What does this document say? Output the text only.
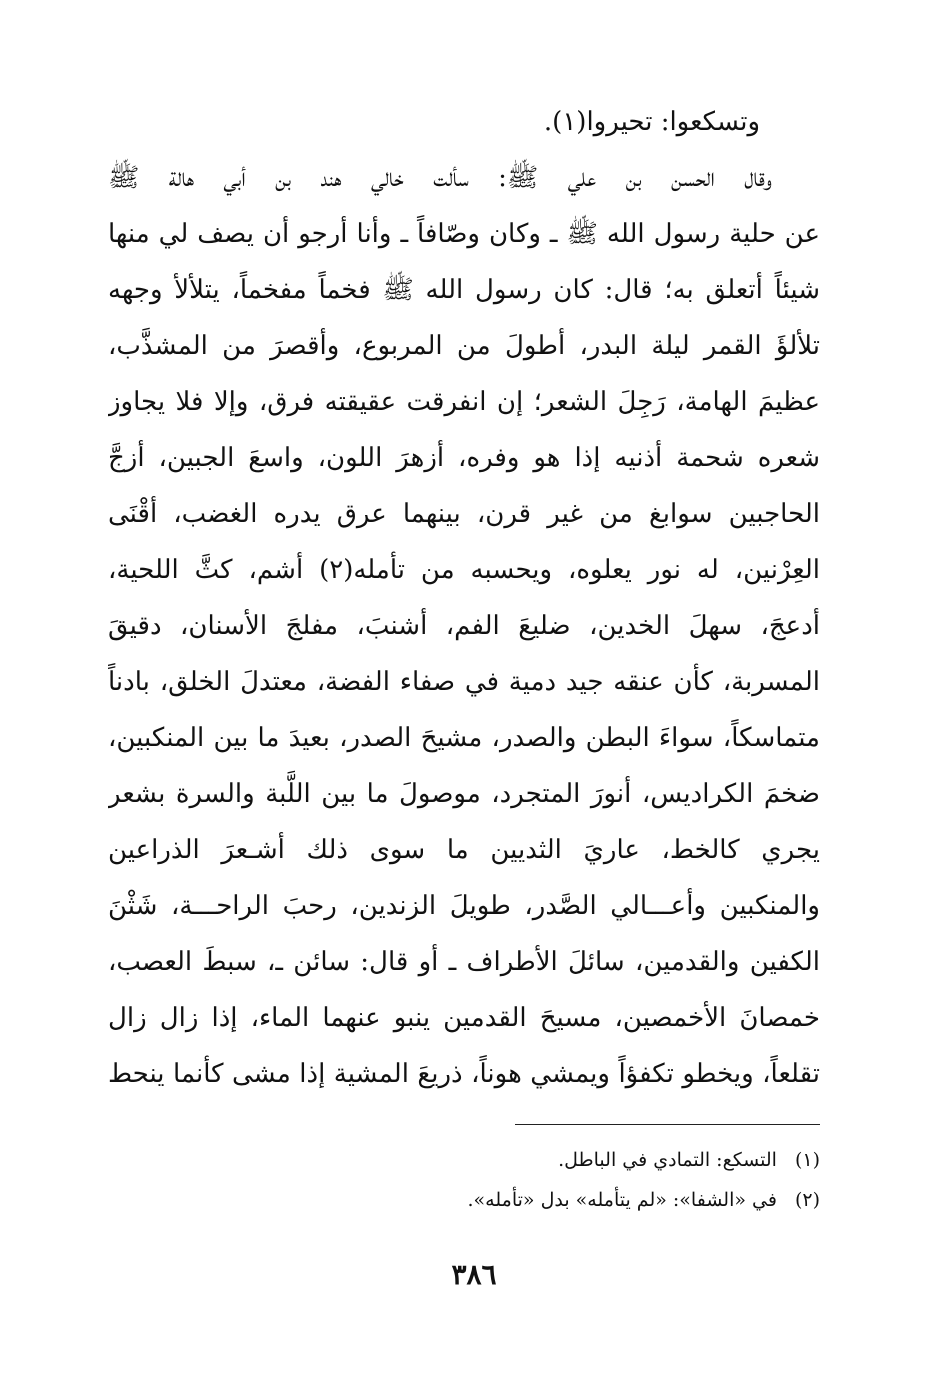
وتسكعوا: تحيروا(١).
وقال الحسن بن علي ﷺ: سألت خالي هند بن أبي هالة ﷺ
عن حلية رسول الله ﷺ ـ وكان وصّافاً ـ وأنا أرجو أن يصف لي منها
شيئاً أتعلق به؛ قال: كان رسول الله ﷺ فخماً مفخماً، يتلألأ وجهه
تلألؤَ القمر ليلة البدر، أطولَ من المربوع، وأقصرَ من المشذَّب،
عظيمَ الهامة، رَجِلَ الشعر؛ إن انفرقت عقيقته فرق، وإلا فلا يجاوز
شعره شحمة أذنيه إذا هو وفره، أزهرَ اللون، واسعَ الجبين، أزجَّ
الحاجبين سوابغ من غير قرن، بينهما عرق يدره الغضب، أقْنَى
العِرْنين، له نور يعلوه، ويحسبه من تأمله(٢) أشم، كثَّ اللحية،
أدعجَ، سهلَ الخدين، ضليعَ الفم، أشنبَ، مفلجَ الأسنان، دقيقَ
المسربة، كأن عنقه جيد دمية في صفاء الفضة، معتدلَ الخلق، بادناً
متماسكاً، سواءَ البطن والصدر، مشيحَ الصدر، بعيدَ ما بين المنكبين،
ضخمَ الكراديس، أنورَ المتجرد، موصولَ ما بين اللَّبة والسرة بشعر
يجري كالخط، عاريَ الثديين ما سوى ذلك أشـعرَ الذراعين
والمنكبين وأعـــالي الصَّدر، طويلَ الزندين، رحبَ الراحـــة، شَثْنَ
الكفين والقدمين، سائلَ الأطراف ـ أو قال: سائن ـ، سبطَ العصب،
خمصانَ الأخمصين، مسيحَ القدمين ينبو عنهما الماء، إذا زال زال
تقلعاً، ويخطو تكفؤاً ويمشي هوناً، ذريعَ المشية إذا مشى كأنما ينحط
(١)التسكع: التمادي في الباطل.
(٢)في «الشفا»: «لم يتأمله» بدل «تأمله».
٣٨٦
